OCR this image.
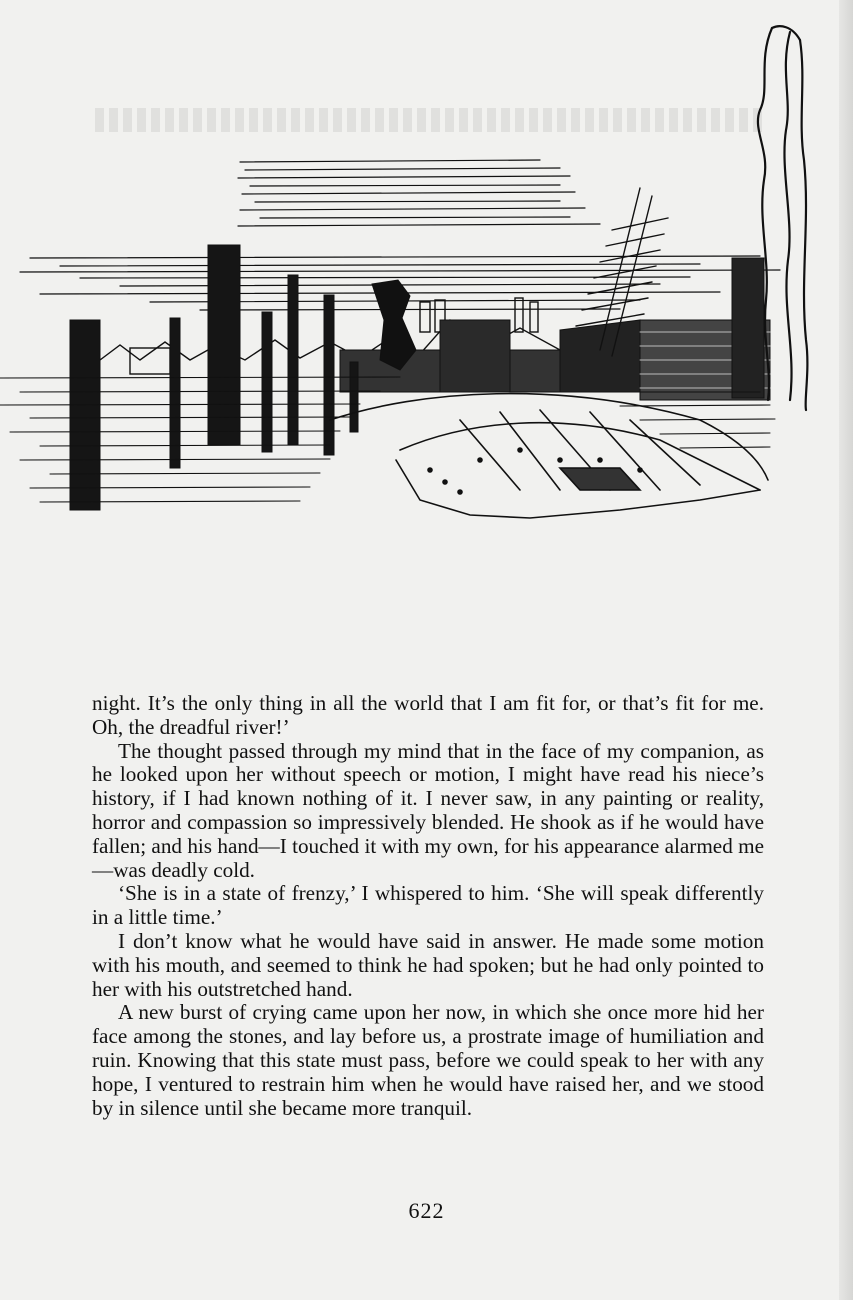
night. It’s the only thing in all the world that I am fit for, or that’s fit for me. Oh, the dreadful river!’

The thought passed through my mind that in the face of my companion, as he looked upon her without speech or motion, I might have read his niece’s history, if I had known nothing of it. I never saw, in any painting or reality, horror and compassion so impressively blended. He shook as if he would have fallen; and his hand—I touched it with my own, for his appearance alarmed me—was deadly cold.

‘She is in a state of frenzy,’ I whispered to him. ‘She will speak differently in a little time.’

I don’t know what he would have said in answer. He made some motion with his mouth, and seemed to think he had spoken; but he had only pointed to her with his outstretched hand.

A new burst of crying came upon her now, in which she once more hid her face among the stones, and lay before us, a prostrate image of humiliation and ruin. Knowing that this state must pass, before we could speak to her with any hope, I ventured to restrain him when he would have raised her, and we stood by in silence until she became more tranquil.

622
